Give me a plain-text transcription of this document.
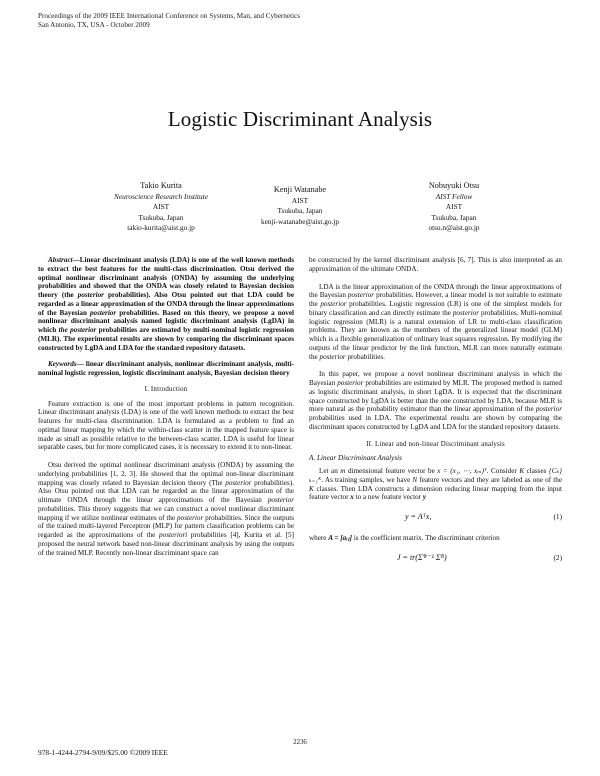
Proceedings of the 2009 IEEE International Conference on Systems, Man, and Cybernetics
San Antonio, TX, USA - October 2009
Logistic Discriminant Analysis
Takio Kurita
Neuroscience Research Institute
AIST
Tsukuba, Japan
takio-kurita@aist.go.jp
Kenji Watanabe
AIST
Tsukuba, Japan
kenji-watanabe@aist.go.jp
Nobuyuki Otsu
AIST Fellow
AIST
Tsukuba, Japan
otsu.n@aist.go.jp

Abstract—Linear discriminant analysis (LDA) is one of the well known methods to extract the best features for the multi-class discrimination. Otsu derived the optimal nonlinear discriminant analysis (ONDA) by assuming the underlying probabilities and showed that the ONDA was closely related to Bayesian decision theory (the posterior probabilities). Also Otsu pointed out that LDA could be regarded as a linear approximation of the ONDA through the linear approximations of the Bayesian posterior probabilities. Based on this theory, we propose a novel nonlinear discriminant analysis named logistic discriminant analysis (LgDA) in which the posterior probabilities are estimated by multi-nominal logistic regression (MLR). The experimental results are shown by comparing the discriminant spaces constructed by LgDA and LDA for the standard repository datasets.

Keywords— linear discriminant analysis, nonlinear discriminant analysis, multi-nominal logistic regression, logistic discriminant analysis, Bayesian decision theory

I. Introduction

Feature extraction is one of the most important problems in pattern recognition. Linear discriminant analysis (LDA) is one of the well known methods to extract the best features for multi-class discrimination. LDA is formulated as a problem to find an optimal linear mapping by which the within-class scatter in the mapped feature space is made as small as possible relative to the between-class scatter. LDA is useful for linear separable cases, but for more complicated cases, it is necessary to extend it to non-linear.

Otsu derived the optimal nonlinear discriminant analysis (ONDA) by assuming the underlying probabilities [1, 2, 3]. He showed that the optimal non-linear discriminant mapping was closely related to Bayesian decision theory (The posterior probabilities). Also Otsu pointed out that LDA can be regarded as the linear approximation of the ultimate ONDA through the linear approximations of the Bayesian posterior probabilities. This theory suggests that we can construct a novel nonlinear discriminant mapping if we utilize nonlinear estimates of the posterior probabilities. Since the outputs of the trained multi-layered Perceptron (MLP) for pattern classification problems can be regarded as the approximations of the posteriori probabilities [4], Kurita et al. [5] proposed the neural network based non-linear discriminant analysis by using the outputs of the trained MLP. Recently non-linear discriminant space can

be constructed by the kernel discriminant analysis [6, 7]. This is also interpreted as an approximation of the ultimate ONDA.

LDA is the linear approximation of the ONDA through the linear approximations of the Bayesian posterior probabilities. However, a linear model is not suitable to estimate the posterior probabilities. Logistic regression (LR) is one of the simplest models for binary classification and can directly estimate the posterior probabilities. Multi-nominal logistic regression (MLR) is a natural extension of LR to multi-class classification problems. They are known as the members of the generalized linear model (GLM) which is a flexible generalization of ordinary least squares regression. By modifying the outputs of the linear predictor by the link function, MLR can more naturally estimate the posterior probabilities.

In this paper, we propose a novel nonlinear discriminant analysis in which the Bayesian posterior probabilities are estimated by MLR. The proposed method is named as logistic discriminant analysis, in short LgDA. It is expected that the discriminant space constructed by LgDA is better than the one constructed by LDA, because MLR is more natural as the probability estimator than the linear approximation of the posterior probabilities used in LDA. The experimental results are shown by comparing the discriminant spaces constructed by LgDA and LDA for the standard repository datasets.

II. Linear and non-linear Discriminant analysis

A. Linear Discriminant Analysis

Let an m dimensional feature vector be x = (x₁, ⋯, xₘ)ᵀ. Consider K classes {Cₖ}ₖ₌₁ᴷ. As training samples, we have N feature vectors and they are labeled as one of the K classes. Then LDA constructs a dimension reducing linear mapping from the input feature vector x to a new feature vector y

y = Aᵀx,	(1)

where A = [aᵢⱼ] is the coefficient matrix. The discriminant criterion

J = tr(Σ̂ᵂ⁻¹ Σ̂ᴮ)	(2)
2236
978-1-4244-2794-9/09/$25.00 ©2009 IEEE
